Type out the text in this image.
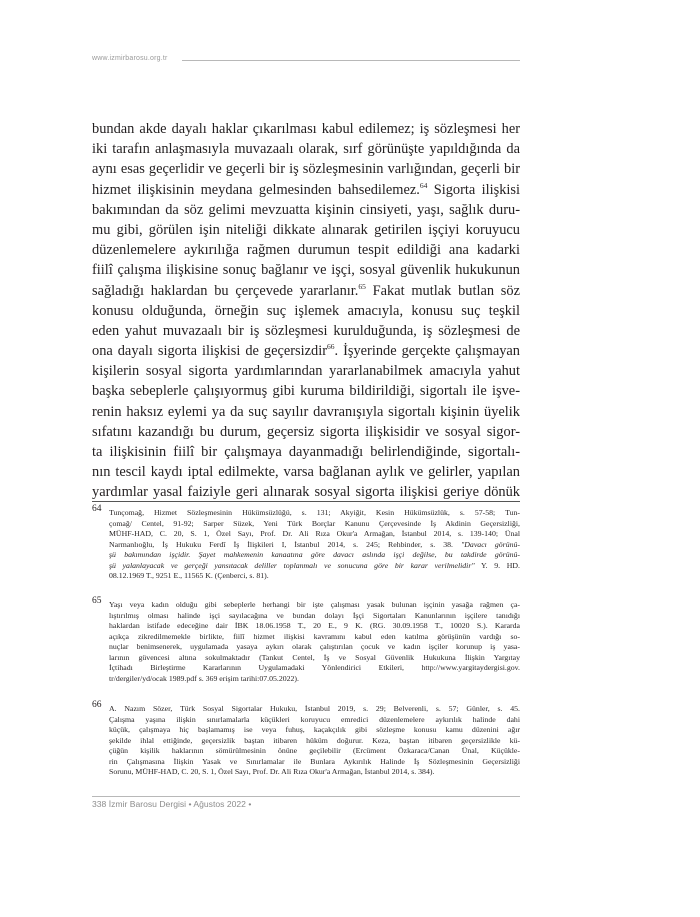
www.izmirbarosu.org.tr
bundan akde dayalı haklar çıkarılması kabul edilemez; iş sözleşmesi her
iki tarafın anlaşmasıyla muvazaalı olarak, sırf görünüşte yapıldığında da
aynı esas geçerlidir ve geçerli bir iş sözleşmesinin varlığından, geçerli bir
hizmet ilişkisinin meydana gelmesinden bahsedilemez.$^{64}$ Sigorta ilişkisi
bakımından da söz gelimi mevzuatta kişinin cinsiyeti, yaşı, sağlık duru-
mu gibi, görülen işin niteliği dikkate alınarak getirilen işçiyi koruyucu
düzenlemelere aykırılığa rağmen durumun tespit edildiği ana kadarki
fiilî çalışma ilişkisine sonuç bağlanır ve işçi, sosyal güvenlik hukukunun
sağladığı haklardan bu çerçevede yararlanır.$^{65}$ Fakat mutlak butlan söz
konusu olduğunda, örneğin suç işlemek amacıyla, konusu suç teşkil
eden yahut muvazaalı bir iş sözleşmesi kurulduğunda, iş sözleşmesi de
ona dayalı sigorta ilişkisi de geçersizdir$^{66}$. İşyerinde gerçekte çalışmayan
kişilerin sosyal sigorta yardımlarından yararlanabilmek amacıyla yahut
başka sebeplerle çalışıyormuş gibi kuruma bildirildiği, sigortalı ile işve-
renin haksız eylemi ya da suç sayılır davranışıyla sigortalı kişinin üyelik
sıfatını kazandığı bu durum, geçersiz sigorta ilişkisidir ve sosyal sigor-
ta ilişkisinin fiilî bir çalışmaya dayanmadığı belirlendiğinde, sigortalı-
nın tescil kaydı iptal edilmekte, varsa bağlanan aylık ve gelirler, yapılan
yardımlar yasal faiziyle geri alınarak sosyal sigorta ilişkisi geriye dönük
64 Tunçomağ, Hizmet Sözleşmesinin Hükümsüzlüğü, s. 131; Akyiğit, Kesin Hükümsüzlük, s. 57-58; Tun-
çomağ/ Centel, 91-92; Sarper Süzek, Yeni Türk Borçlar Kanunu Çerçevesinde İş Akdinin Geçersizliği,
MÜHF-HAD, C. 20, S. 1, Özel Sayı, Prof. Dr. Ali Rıza Okur'a Armağan, İstanbul 2014, s. 139-140; Ünal
Narmanlıoğlu, İş Hukuku Ferdî İş İlişkileri I, İstanbul 2014, s. 245; Rehbinder, s. 38. "Davacı görünü-
şü bakımından işçidir. Şayet mahkemenin kanaatına göre davacı aslında işçi değilse, bu takdirde görünü-
şü yalanlayacak ve gerçeği yansıtacak deliller toplanmalı ve sonucuna göre bir karar verilmelidir" Y. 9. HD.
08.12.1969 T., 9251 E., 11565 K. (Çenberci, s. 81).
65 Yaşı veya kadın olduğu gibi sebeplerle herhangi bir işte çalışması yasak bulunan işçinin yasağa rağmen ça-
lıştırılmış olması halinde işçi sayılacağına ve bundan dolayı İşçi Sigortaları Kanunlarının işçilere tanıdığı
haklardan istifade edeceğine dair İBK 18.06.1958 T., 20 E., 9 K. (RG. 30.09.1958 T., 10020 S.). Kararda
açıkça zikredilmemekle birlikte, fiilî hizmet ilişkisi kavramını kabul eden katılma görüşünün vardığı so-
nuçlar benimsenerek, uygulamada yasaya aykırı olarak çalıştırılan çocuk ve kadın işçiler korunup iş yasa-
larının güvencesi altına sokulmaktadır (Tankut Centel, İş ve Sosyal Güvenlik Hukukuna İlişkin Yargıtay
İçtihadı Birleştirme Kararlarının Uygulamadaki Yönlendirici Etkileri, http://www.yargitaydergisi.gov.
tr/dergiler/yd/ocak 1989.pdf s. 369 erişim tarihi:07.05.2022).
66 A. Nazım Sözer, Türk Sosyal Sigortalar Hukuku, İstanbul 2019, s. 29; Belverenli, s. 57; Günler, s. 45.
Çalışma yaşına ilişkin sınırlamalarla küçükleri koruyucu emredici düzenlemelere aykırılık halinde dahi
küçük, çalışmaya hiç başlamamış ise veya fuhuş, kaçakçılık gibi sözleşme konusu kamu düzenini ağır
şekilde ihlal ettiğinde, geçersizlik baştan itibaren hüküm doğurur. Keza, baştan itibaren geçersizlikle kü-
çüğün kişilik haklarının sömürülmesinin önüne geçilebilir (Ercüment Özkaraca/Canan Ünal, Küçükle-
rin Çalışmasına İlişkin Yasak ve Sınırlamalar ile Bunlara Aykırılık Halinde İş Sözleşmesinin Geçersizliği
Sorunu, MÜHF-HAD, C. 20, S. 1, Özel Sayı, Prof. Dr. Ali Rıza Okur'a Armağan, İstanbul 2014, s. 384).
338 İzmir Barosu Dergisi • Ağustos 2022 •
